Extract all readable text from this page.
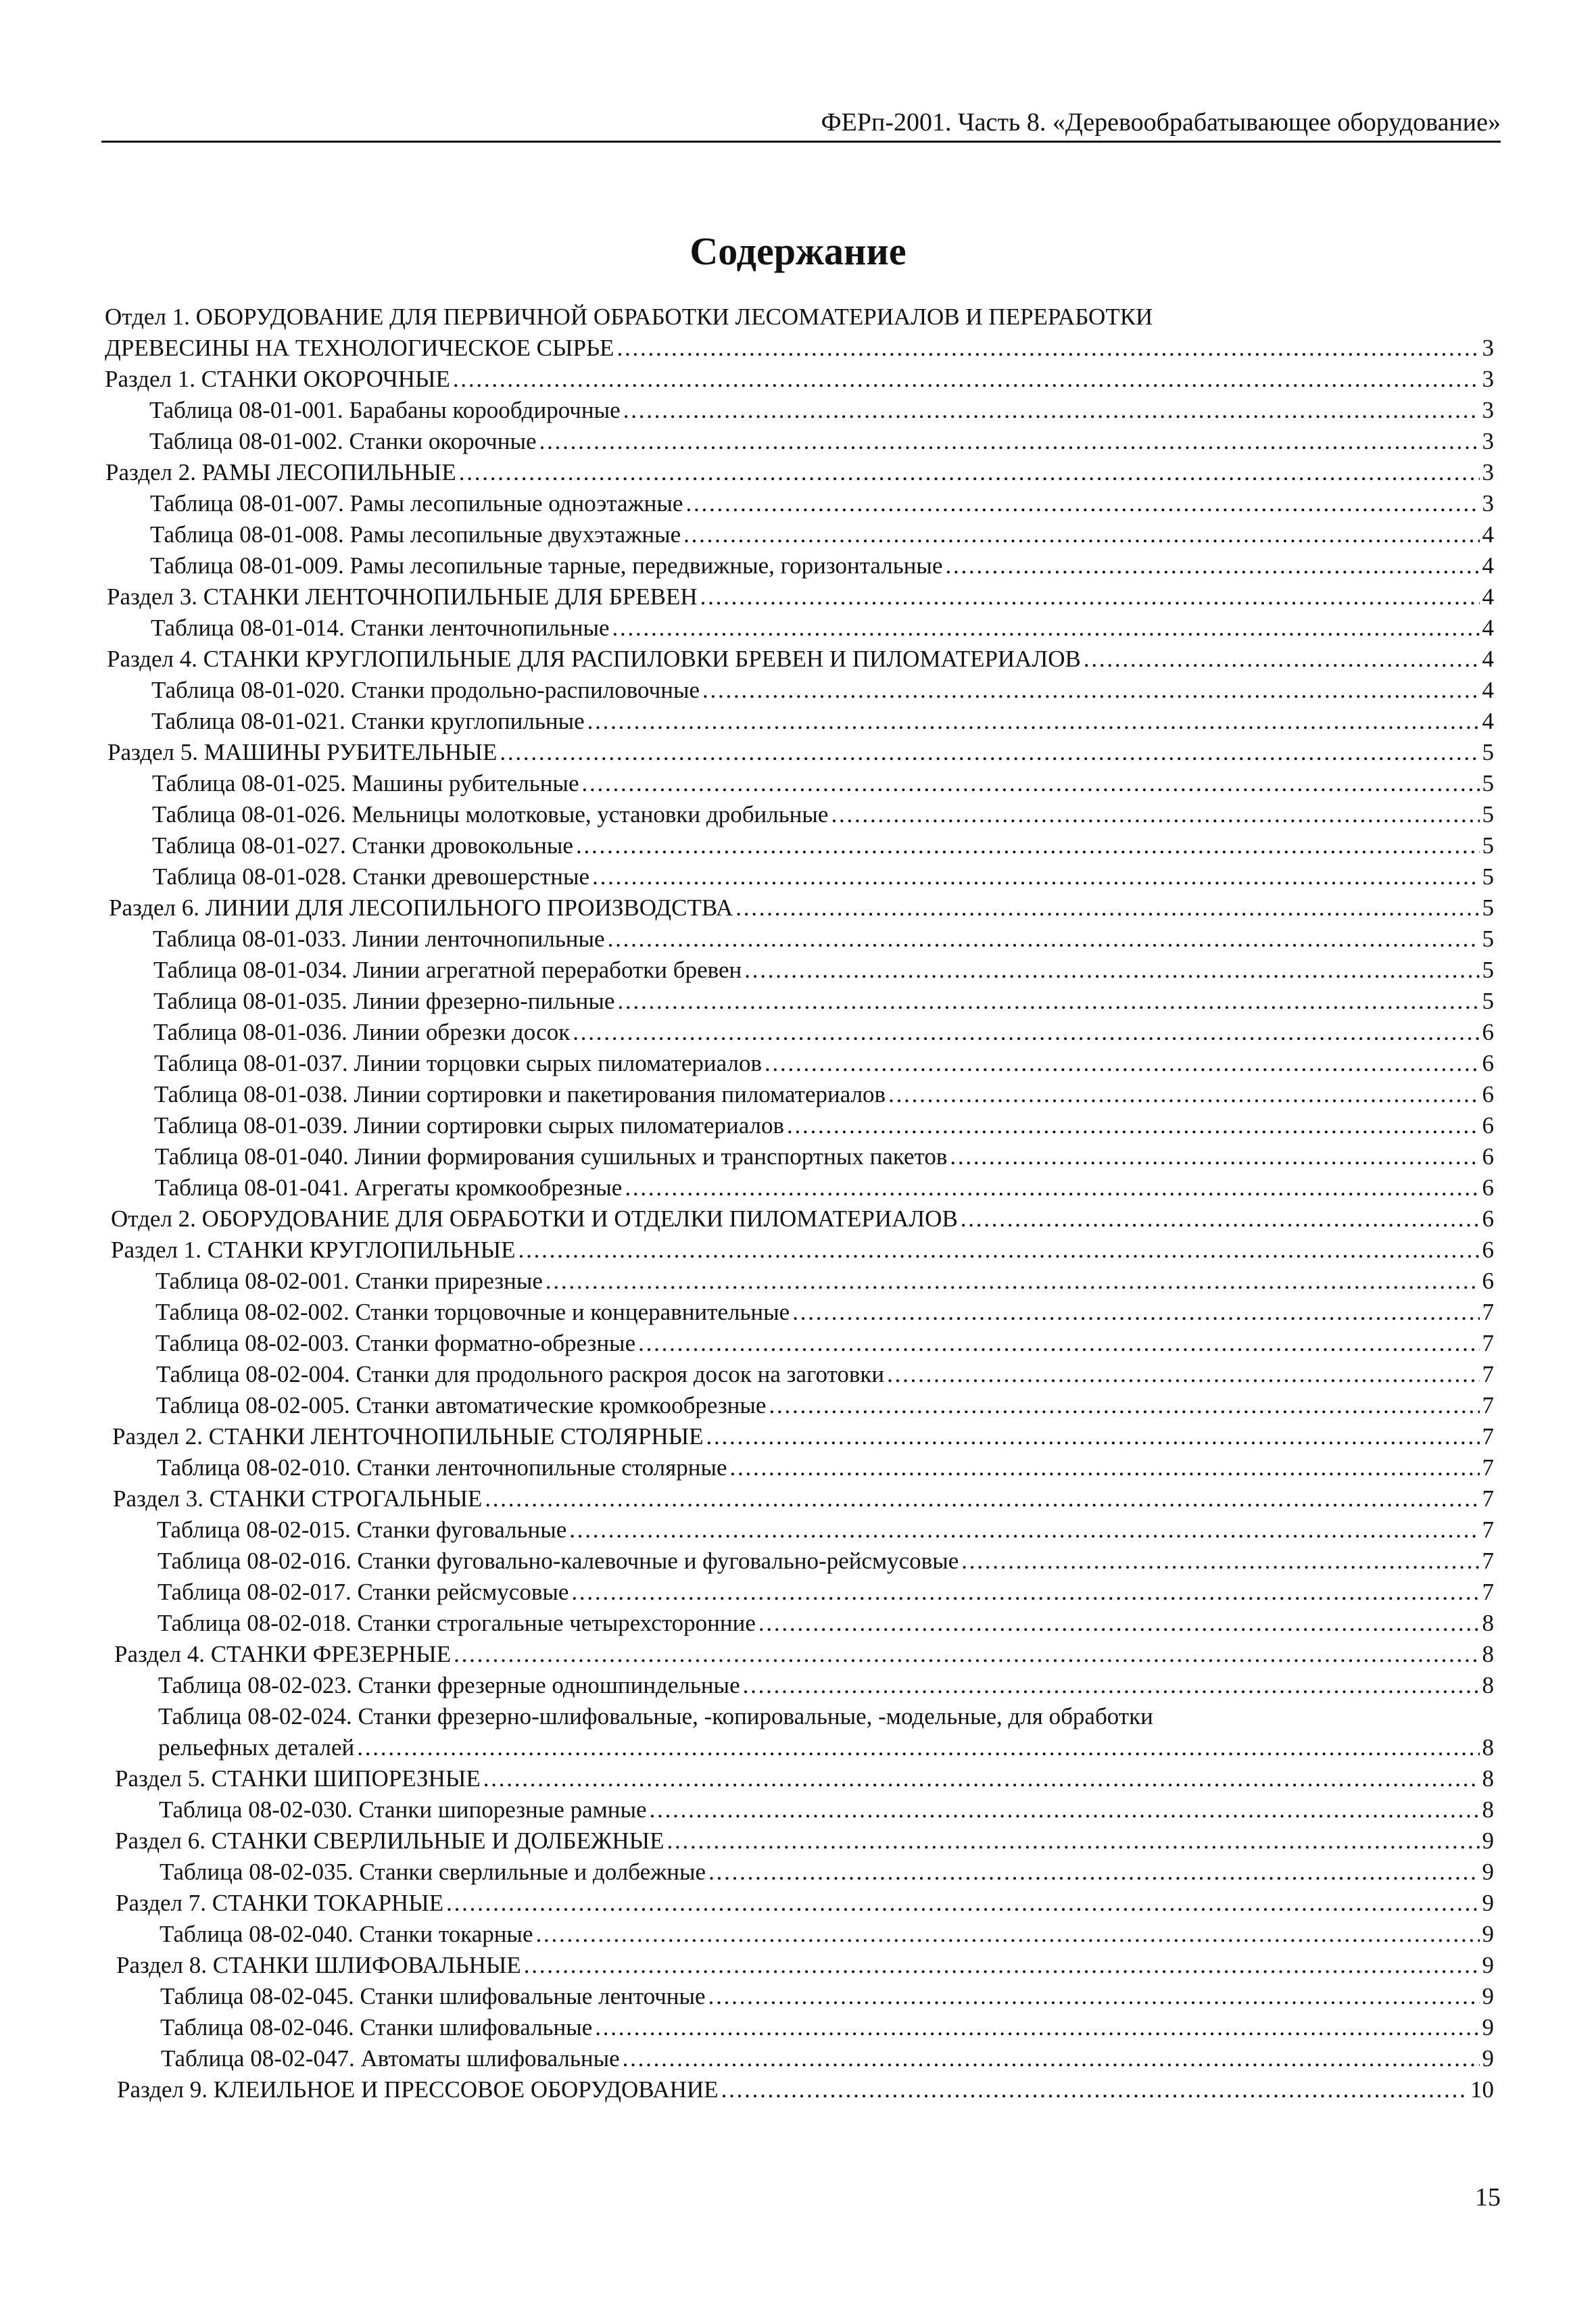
ФЕРп-2001. Часть 8. «Деревообрабатывающее оборудование»
Содержание
Отдел 1. ОБОРУДОВАНИЕ ДЛЯ ПЕРВИЧНОЙ ОБРАБОТКИ ЛЕСОМАТЕРИАЛОВ И ПЕРЕРАБОТКИ
ДРЕВЕСИНЫ НА ТЕХНОЛОГИЧЕСКОЕ СЫРЬЕ . . .	3
Раздел 1. СТАНКИ ОКОРОЧНЫЕ . . .	3
Таблица 08-01-001. Барабаны корообдирочные . . .	3
Таблица 08-01-002. Станки окорочные . . .	3
Раздел 2. РАМЫ ЛЕСОПИЛЬНЫЕ . . .	3
Таблица 08-01-007. Рамы лесопильные одноэтажные . . .	3
Таблица 08-01-008. Рамы лесопильные двухэтажные . . .	4
Таблица 08-01-009. Рамы лесопильные тарные, передвижные, горизонтальные . . .	4
Раздел 3. СТАНКИ ЛЕНТОЧНОПИЛЬНЫЕ ДЛЯ БРЕВЕН . . .	4
Таблица 08-01-014. Станки ленточнопильные . . .	4
Раздел 4. СТАНКИ КРУГЛОПИЛЬНЫЕ ДЛЯ РАСПИЛОВКИ БРЕВЕН И ПИЛОМАТЕРИАЛОВ . . .	4
Таблица 08-01-020. Станки продольно-распиловочные . . .	4
Таблица 08-01-021. Станки круглопильные . . .	4
Раздел 5. МАШИНЫ РУБИТЕЛЬНЫЕ . . .	5
Таблица 08-01-025. Машины рубительные . . .	5
Таблица 08-01-026. Мельницы молотковые, установки дробильные . . .	5
Таблица 08-01-027. Станки дровокольные . . .	5
Таблица 08-01-028. Станки древошерстные . . .	5
Раздел 6. ЛИНИИ ДЛЯ ЛЕСОПИЛЬНОГО ПРОИЗВОДСТВА . . .	5
Таблица 08-01-033. Линии ленточнопильные . . .	5
Таблица 08-01-034. Линии агрегатной переработки бревен . . .	5
Таблица 08-01-035. Линии фрезерно-пильные . . .	5
Таблица 08-01-036. Линии обрезки досок . . .	6
Таблица 08-01-037. Линии торцовки сырых пиломатериалов . . .	6
Таблица 08-01-038. Линии сортировки и пакетирования пиломатериалов . . .	6
Таблица 08-01-039. Линии сортировки сырых пиломатериалов . . .	6
Таблица 08-01-040. Линии формирования сушильных и транспортных пакетов . . .	6
Таблица 08-01-041. Агрегаты кромкообрезные . . .	6
Отдел 2. ОБОРУДОВАНИЕ ДЛЯ ОБРАБОТКИ И ОТДЕЛКИ ПИЛОМАТЕРИАЛОВ . . .	6
Раздел 1. СТАНКИ КРУГЛОПИЛЬНЫЕ . . .	6
Таблица 08-02-001. Станки прирезные . . .	6
Таблица 08-02-002. Станки торцовочные и концеравнительные . . .	7
Таблица 08-02-003. Станки форматно-обрезные . . .	7
Таблица 08-02-004. Станки для продольного раскроя досок на заготовки . . .	7
Таблица 08-02-005. Станки автоматические кромкообрезные . . .	7
Раздел 2. СТАНКИ ЛЕНТОЧНОПИЛЬНЫЕ СТОЛЯРНЫЕ . . .	7
Таблица 08-02-010. Станки ленточнопильные столярные . . .	7
Раздел 3. СТАНКИ СТРОГАЛЬНЫЕ . . .	7
Таблица 08-02-015. Станки фуговальные . . .	7
Таблица 08-02-016. Станки фуговально-калевочные и фуговально-рейсмусовые . . .	7
Таблица 08-02-017. Станки рейсмусовые . . .	7
Таблица 08-02-018. Станки строгальные четырехсторонние . . .	8
Раздел 4. СТАНКИ ФРЕЗЕРНЫЕ . . .	8
Таблица 08-02-023. Станки фрезерные одношпиндельные . . .	8
Таблица 08-02-024. Станки фрезерно-шлифовальные, -копировальные, -модельные, для обработки
рельефных деталей . . .	8
Раздел 5. СТАНКИ ШИПОРЕЗНЫЕ . . .	8
Таблица 08-02-030. Станки шипорезные рамные . . .	8
Раздел 6. СТАНКИ СВЕРЛИЛЬНЫЕ И ДОЛБЕЖНЫЕ . . .	9
Таблица 08-02-035. Станки сверлильные и долбежные . . .	9
Раздел 7. СТАНКИ ТОКАРНЫЕ . . .	9
Таблица 08-02-040. Станки токарные . . .	9
Раздел 8. СТАНКИ ШЛИФОВАЛЬНЫЕ . . .	9
Таблица 08-02-045. Станки шлифовальные ленточные . . .	9
Таблица 08-02-046. Станки шлифовальные . . .	9
Таблица 08-02-047. Автоматы шлифовальные . . .	9
Раздел 9. КЛЕИЛЬНОЕ И ПРЕССОВОЕ ОБОРУДОВАНИЕ . . .	10
15
